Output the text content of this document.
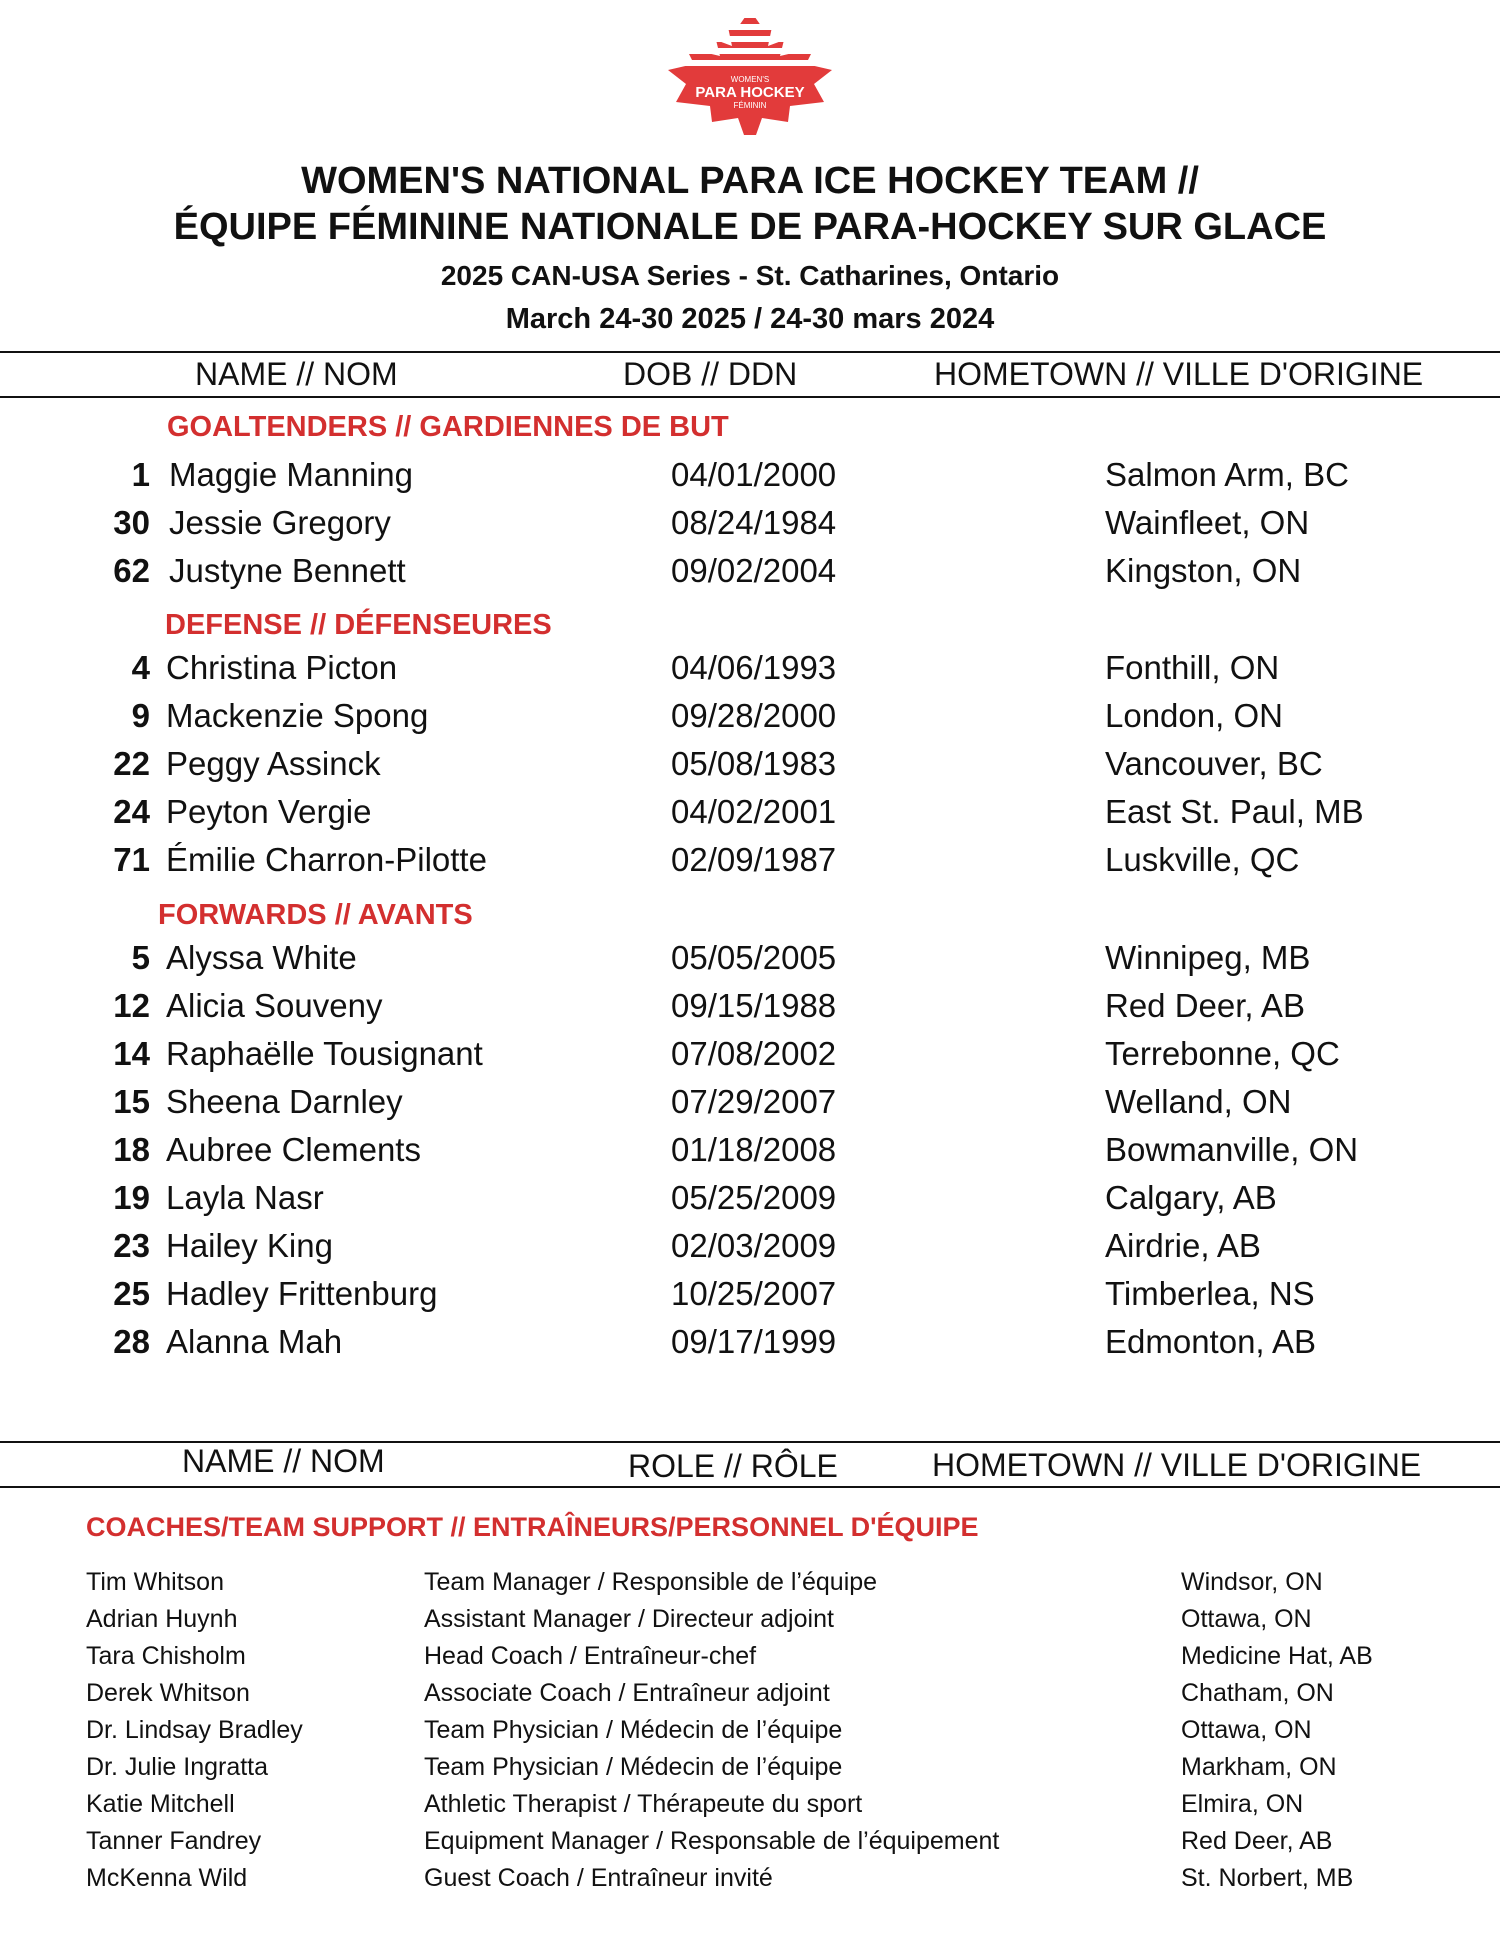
WOMEN'S
PARA HOCKEY
FÉMININ
WOMEN'S NATIONAL PARA ICE HOCKEY TEAM //
ÉQUIPE FÉMININE NATIONALE DE PARA-HOCKEY SUR GLACE
2025 CAN-USA Series - St. Catharines, Ontario
March 24-30 2025 / 24-30 mars 2024
NAME // NOM	DOB // DDN	HOMETOWN // VILLE D'ORIGINE
GOALTENDERS // GARDIENNES DE BUT
1 Maggie Manning	04/01/2000	Salmon Arm, BC
30 Jessie Gregory	08/24/1984	Wainfleet, ON
62 Justyne Bennett	09/02/2004	Kingston, ON
DEFENSE // DÉFENSEURES
4 Christina Picton	04/06/1993	Fonthill, ON
9 Mackenzie Spong	09/28/2000	London, ON
22 Peggy Assinck	05/08/1983	Vancouver, BC
24 Peyton Vergie	04/02/2001	East St. Paul, MB
71 Émilie Charron-Pilotte	02/09/1987	Luskville, QC
FORWARDS // AVANTS
5 Alyssa White	05/05/2005	Winnipeg, MB
12 Alicia Souveny	09/15/1988	Red Deer, AB
14 Raphaëlle Tousignant	07/08/2002	Terrebonne, QC
15 Sheena Darnley	07/29/2007	Welland, ON
18 Aubree Clements	01/18/2008	Bowmanville, ON
19 Layla Nasr	05/25/2009	Calgary, AB
23 Hailey King	02/03/2009	Airdrie, AB
25 Hadley Frittenburg	10/25/2007	Timberlea, NS
28 Alanna Mah	09/17/1999	Edmonton, AB
NAME // NOM	ROLE // RÔLE	HOMETOWN // VILLE D'ORIGINE
COACHES/TEAM SUPPORT // ENTRAÎNEURS/PERSONNEL D'ÉQUIPE
Tim Whitson	Team Manager / Responsible de l’équipe	Windsor, ON
Adrian Huynh	Assistant Manager / Directeur adjoint	Ottawa, ON
Tara Chisholm	Head Coach / Entraîneur-chef	Medicine Hat, AB
Derek Whitson	Associate Coach / Entraîneur adjoint	Chatham, ON
Dr. Lindsay Bradley	Team Physician / Médecin de l’équipe	Ottawa, ON
Dr. Julie Ingratta	Team Physician / Médecin de l’équipe	Markham, ON
Katie Mitchell	Athletic Therapist / Thérapeute du sport	Elmira, ON
Tanner Fandrey	Equipment Manager / Responsable de l’équipement	Red Deer, AB
McKenna Wild	Guest Coach / Entraîneur invité	St. Norbert, MB
